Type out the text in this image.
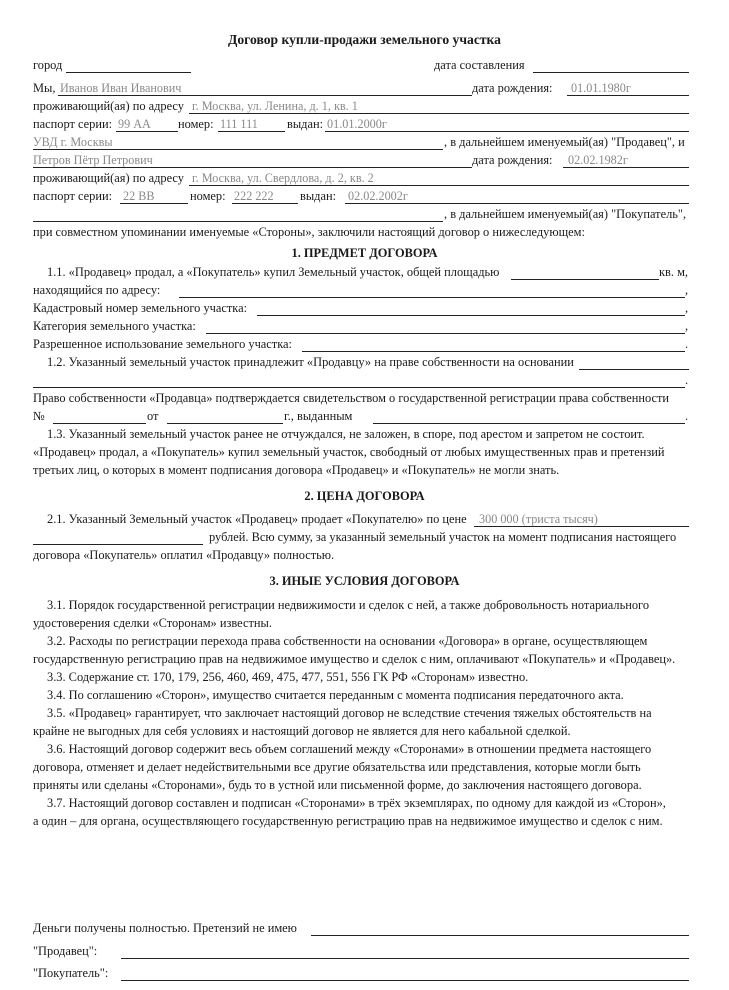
Договор купли-продажи земельного участка
город	дата составления
Мы, Иванов Иван Иванович	дата рождения: 01.01.1980г
проживающий(ая) по адресу г. Москва, ул. Ленина, д. 1, кв. 1
паспорт серии: 99 АА номер: 111 111 выдан: 01.01.2000г
УВД г. Москвы	, в дальнейшем именуемый(ая) "Продавец", и
Петров Пётр Петрович	дата рождения: 02.02.1982г
проживающий(ая) по адресу г. Москва, ул. Свердлова, д. 2, кв. 2
паспорт серии: 22 ВВ	номер: 222 222 выдан: 02.02.2002г
, в дальнейшем именуемый(ая) "Покупатель",
при совместном упоминании именуемые «Стороны», заключили настоящий договор о нижеследующем:
1. ПРЕДМЕТ ДОГОВОРА
1.1. «Продавец» продал, а «Покупатель» купил Земельный участок, общей площадью	кв. м,
находящийся по адресу:	,
Кадастровый номер земельного участка:	,
Категория земельного участка:	,
Разрешенное использование земельного участка:	.
1.2. Указанный земельный участок принадлежит «Продавцу» на праве собственности на основании
.
Право собственности «Продавца» подтверждается свидетельством о государственной регистрации права собственности
№	от	г., выданным	.
1.3. Указанный земельный участок ранее не отчуждался, не заложен, в споре, под арестом и запретом не состоит.
«Продавец» продал, а «Покупатель» купил земельный участок, свободный от любых имущественных прав и претензий
третьих лиц, о которых в момент подписания договора «Продавец» и «Покупатель» не могли знать.
2. ЦЕНА ДОГОВОРА
2.1. Указанный Земельный участок «Продавец» продает «Покупателю» по цене 300 000 (триста тысяч)
рублей. Всю сумму, за указанный земельный участок на момент подписания настоящего
договора «Покупатель» оплатил «Продавцу» полностью.
3. ИНЫЕ УСЛОВИЯ ДОГОВОРА
3.1. Порядок государственной регистрации недвижимости и сделок с ней, а также добровольность нотариального
удостоверения сделки «Сторонам» известны.
3.2. Расходы по регистрации перехода права собственности на основании «Договора» в органе, осуществляющем
государственную регистрацию прав на недвижимое имущество и сделок с ним, оплачивают «Покупатель» и «Продавец».
3.3. Содержание ст. 170, 179, 256, 460, 469, 475, 477, 551, 556 ГК РФ «Сторонам» известно.
3.4. По соглашению «Сторон», имущество считается переданным с момента подписания передаточного акта.
3.5. «Продавец» гарантирует, что заключает настоящий договор не вследствие стечения тяжелых обстоятельств на
крайне не выгодных для себя условиях и настоящий договор не является для него кабальной сделкой.
3.6. Настоящий договор содержит весь объем соглашений между «Сторонами» в отношении предмета настоящего
договора, отменяет и делает недействительными все другие обязательства или представления, которые могли быть
приняты или сделаны «Сторонами», будь то в устной или письменной форме, до заключения настоящего договора.
3.7. Настоящий договор составлен и подписан «Сторонами» в трёх экземплярах, по одному для каждой из «Сторон»,
а один – для органа, осуществляющего государственную регистрацию прав на недвижимое имущество и сделок с ним.
Деньги получены полностью. Претензий не имею
"Продавец":
"Покупатель":
